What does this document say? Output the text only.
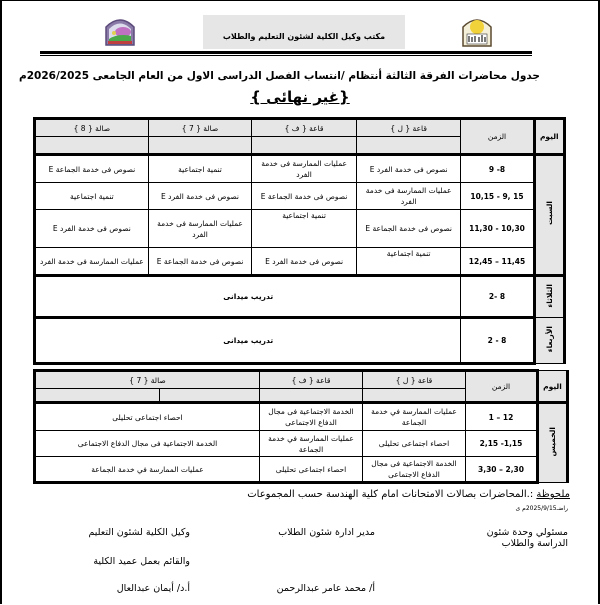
مكتب وكيل الكلية لشئون التعليم والطلاب
جدول محاضرات الفرقة الثالثة أنتظام /انتساب الفصل الدراسى الاول من العام الجامعى 2026/2025م
{غير نهائى }
اليوم	الزمن	قاعة { ل }	قاعة { ف }	صالة { 7 }	صالة { 8 }

السبت	9 -8	نصوص فى خدمة الفرد E	عمليات الممارسة فى خدمة الفرد	تنمية اجتماعية	نصوص فى خدمة الجماعة E
	10,15 - 9, 15	عمليات الممارسة فى خدمة الفرد	نصوص فى خدمة الجماعة E	نصوص فى خدمة الفرد E	تنمية اجتماعية
	11,30 - 10,30	نصوص فى خدمة الجماعة E	تنمية اجتماعية	عمليات الممارسة فى خدمة الفرد	نصوص فى خدمة الفرد E
	12,45 – 11,45	تنمية اجتماعية	نصوص فى خدمة الفرد E	نصوص فى خدمة الجماعة E	عمليات الممارسة فى خدمة الفرد
الثلاثاء	2- 8	تدريب ميدانى			
الأربعاء	2 - 8	تدريب ميدانى			
اليوم	الزمن	قاعة { ل }	قاعة { ف }	صالة { 7 }	

الخميس	1 – 12	عمليات الممارسة في خدمة الجماعة	الخدمة الاجتماعية فى مجال الدفاع الاجتماعى	احصاء اجتماعى تحليلى	
	2,15 -1,15	احصاء اجتماعى تحليلى	عمليات الممارسة في خدمة الجماعة	الخدمة الاجتماعية فى مجال الدفاع الاجتماعى	
	3,30 – 2,30	الخدمة الاجتماعية فى مجال الدفاع الاجتماعى	احصاء اجتماعى تحليلى	عمليات الممارسة في خدمة الجماعة	
ملحوظة :.المحاضرات بصالات الامتحانات امام كلية الهندسة حسب المجموعات
راضـ2025/9/15م ى
مسئولي وحدة شئون الدراسة والطلاب
مدير ادارة شئون الطلاب
وكيل الكلية لشئون التعليم
والقائم بعمل عميد الكلية
أ/ محمد عامر عبدالرحمن
أ.د/ أيمان عبدالعال
